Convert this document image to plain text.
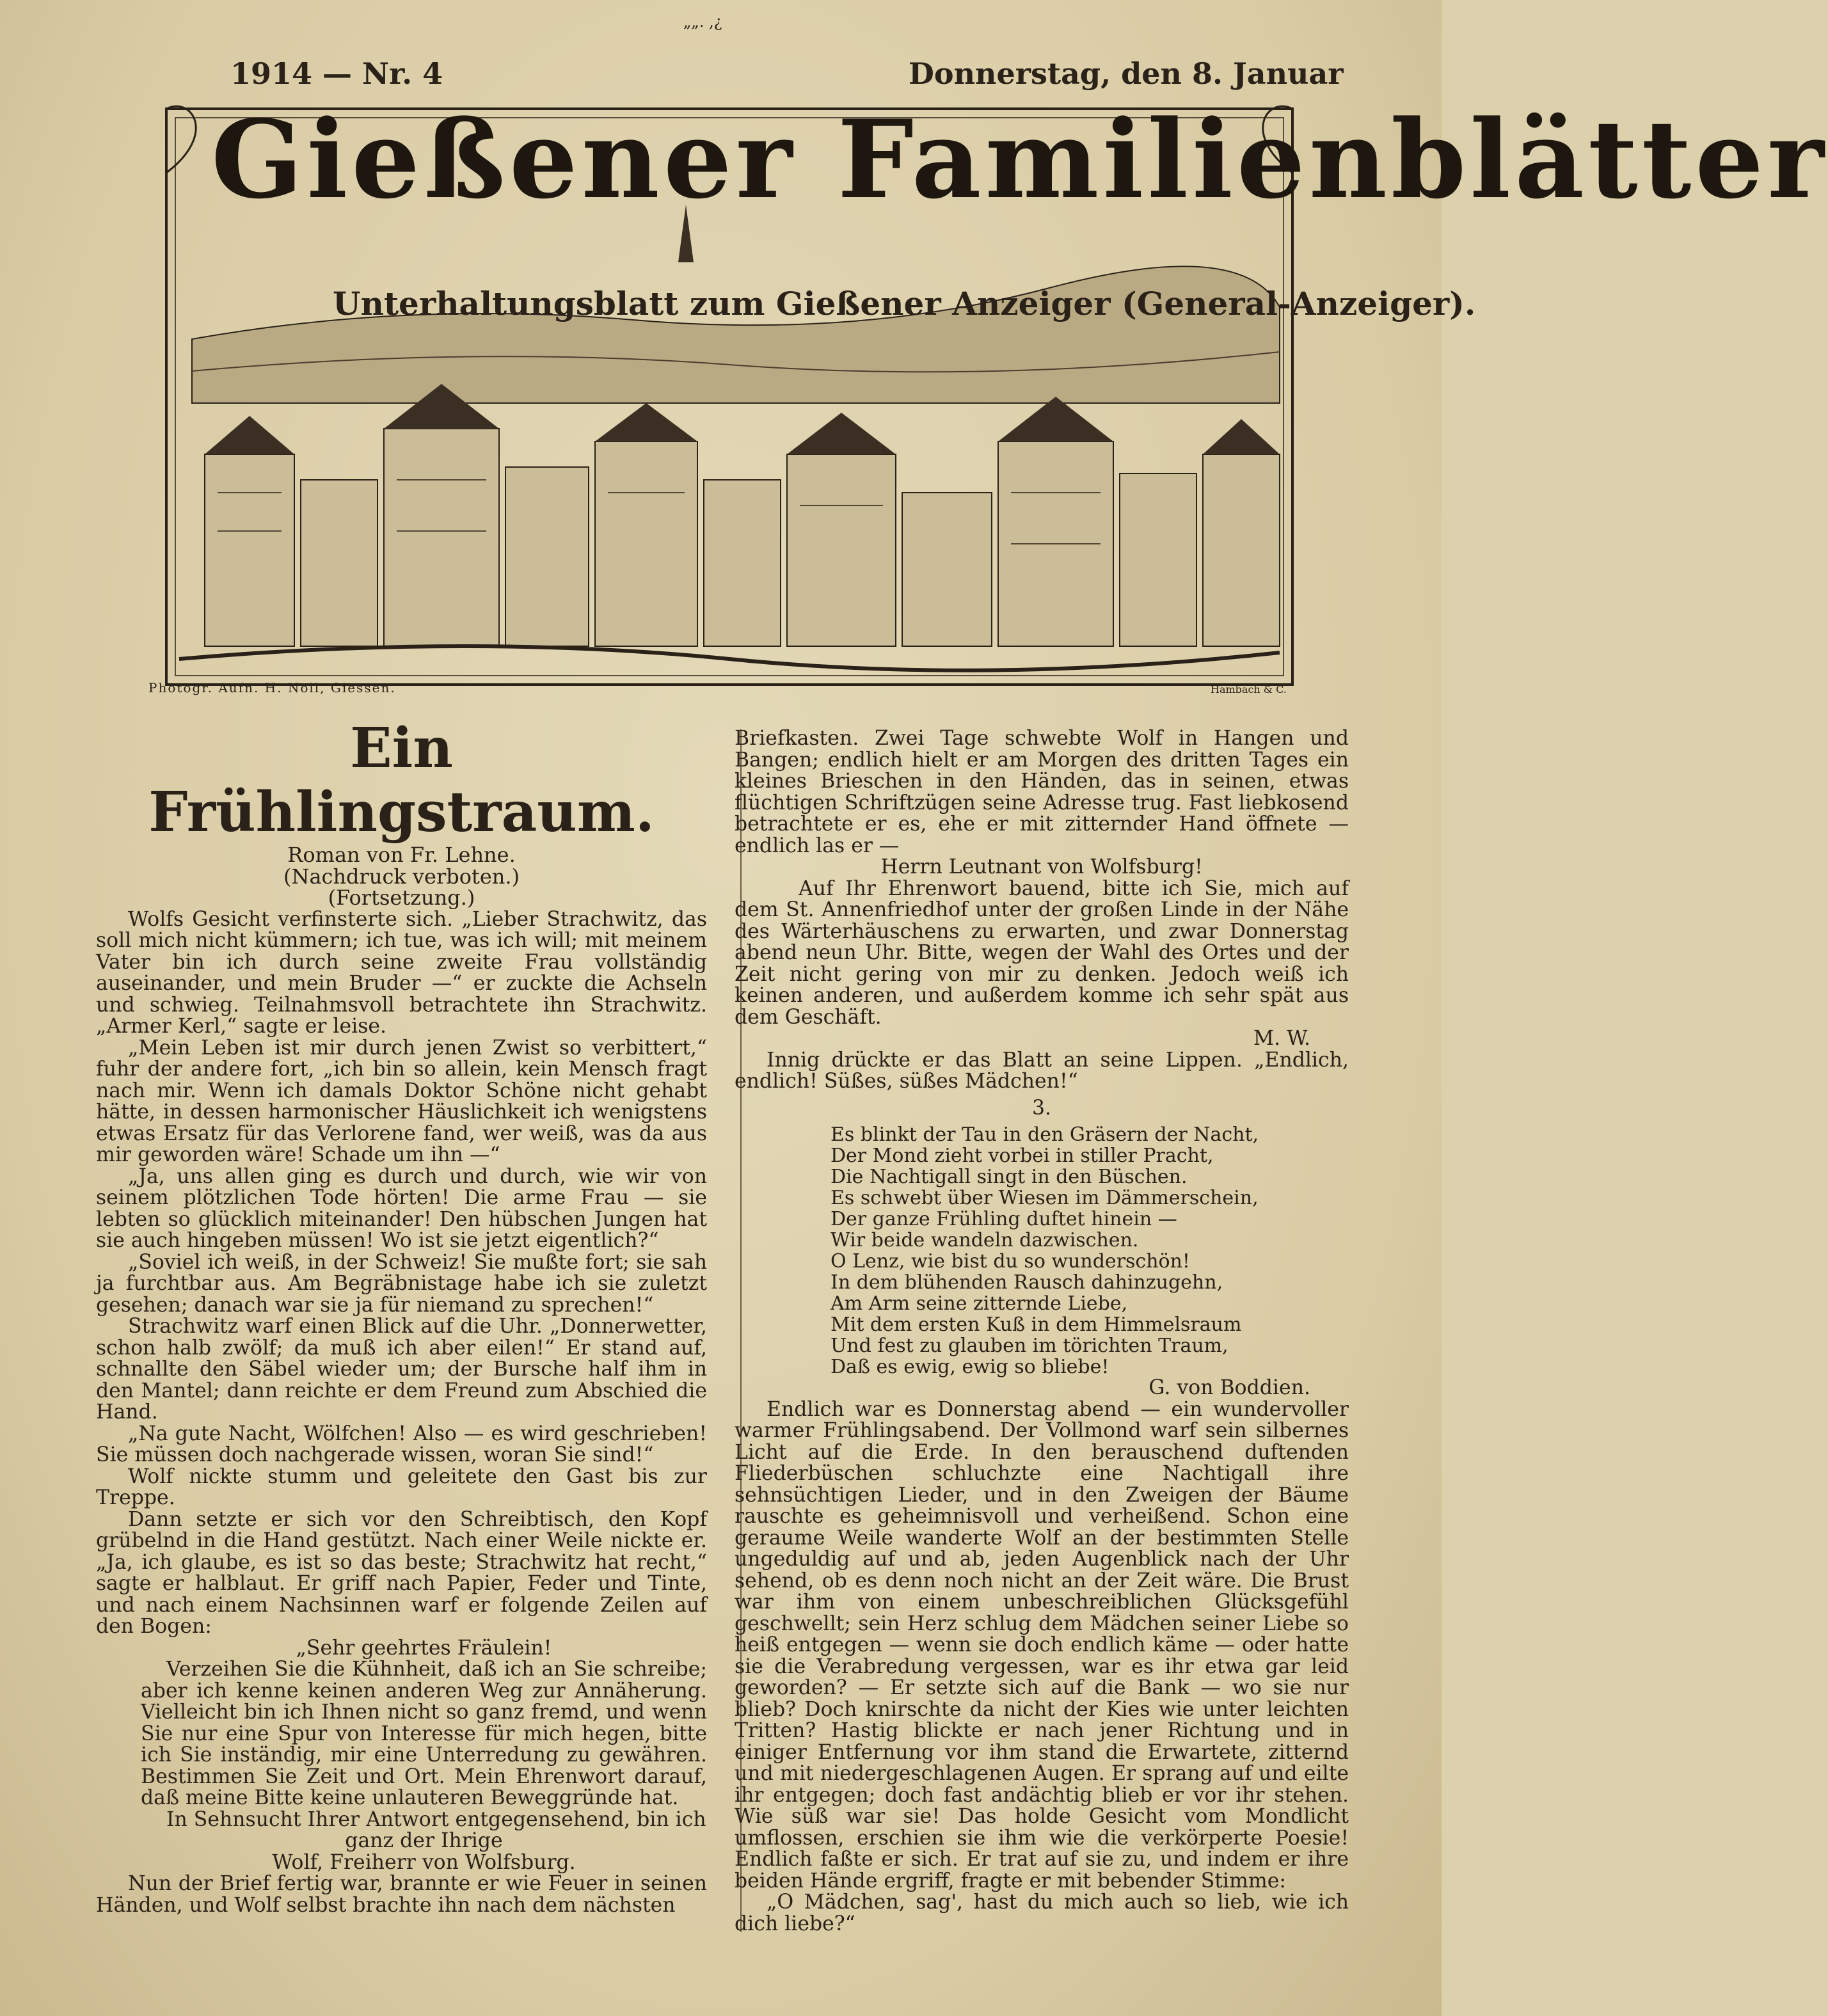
1914 — Nr. 4
„„. ,¿
Donnerstag, den 8. Januar
Gießener Familienblätter
Unterhaltungsblatt zum Gießener Anzeiger (General-Anzeiger).
Photogr. Aufn. H. Noll, Giessen.	Hambach & C.
Ein Frühlingstraum.
Roman von Fr. Lehne.
(Nachdruck verboten.)
(Fortsetzung.)

Wolfs Gesicht verfinsterte sich. „Lieber Strachwitz, das soll mich nicht kümmern; ich tue, was ich will; mit meinem Vater bin ich durch seine zweite Frau vollständig auseinander, und mein Bruder —“ er zuckte die Achseln und schwieg. Teilnahmsvoll betrachtete ihn Strachwitz. „Armer Kerl,“ sagte er leise.

„Mein Leben ist mir durch jenen Zwist so verbittert,“ fuhr der andere fort, „ich bin so allein, kein Mensch fragt nach mir. Wenn ich damals Doktor Schöne nicht gehabt hätte, in dessen harmonischer Häuslichkeit ich wenigstens etwas Ersatz für das Verlorene fand, wer weiß, was da aus mir geworden wäre! Schade um ihn —“

„Ja, uns allen ging es durch und durch, wie wir von seinem plötzlichen Tode hörten! Die arme Frau — sie lebten so glücklich miteinander! Den hübschen Jungen hat sie auch hingeben müssen! Wo ist sie jetzt eigentlich?“

„Soviel ich weiß, in der Schweiz! Sie mußte fort; sie sah ja furchtbar aus. Am Begräbnistage habe ich sie zuletzt gesehen; danach war sie ja für niemand zu sprechen!“

Strachwitz warf einen Blick auf die Uhr. „Donnerwetter, schon halb zwölf; da muß ich aber eilen!“ Er stand auf, schnallte den Säbel wieder um; der Bursche half ihm in den Mantel; dann reichte er dem Freund zum Abschied die Hand.

„Na gute Nacht, Wölfchen! Also — es wird geschrieben! Sie müssen doch nachgerade wissen, woran Sie sind!“

Wolf nickte stumm und geleitete den Gast bis zur Treppe.

Dann setzte er sich vor den Schreibtisch, den Kopf grübelnd in die Hand gestützt. Nach einer Weile nickte er. „Ja, ich glaube, es ist so das beste; Strachwitz hat recht,“ sagte er halblaut. Er griff nach Papier, Feder und Tinte, und nach einem Nachsinnen warf er folgende Zeilen auf den Bogen:

„Sehr geehrtes Fräulein!

Verzeihen Sie die Kühnheit, daß ich an Sie schreibe; aber ich kenne keinen anderen Weg zur Annäherung. Vielleicht bin ich Ihnen nicht so ganz fremd, und wenn Sie nur eine Spur von Interesse für mich hegen, bitte ich Sie inständig, mir eine Unterredung zu gewähren. Bestimmen Sie Zeit und Ort. Mein Ehrenwort darauf, daß meine Bitte keine unlauteren Beweggründe hat.

In Sehnsucht Ihrer Antwort entgegensehend, bin ich

ganz der Ihrige

Wolf, Freiherr von Wolfsburg.

Nun der Brief fertig war, brannte er wie Feuer in seinen Händen, und Wolf selbst brachte ihn nach dem nächsten

Briefkasten. Zwei Tage schwebte Wolf in Hangen und Bangen; endlich hielt er am Morgen des dritten Tages ein kleines Brieschen in den Händen, das in seinen, etwas flüchtigen Schriftzügen seine Adresse trug. Fast liebkosend betrachtete er es, ehe er mit zitternder Hand öffnete — endlich las er —

Herrn Leutnant von Wolfsburg!

Auf Ihr Ehrenwort bauend, bitte ich Sie, mich auf dem St. Annenfriedhof unter der großen Linde in der Nähe des Wärterhäuschens zu erwarten, und zwar Donnerstag abend neun Uhr. Bitte, wegen der Wahl des Ortes und der Zeit nicht gering von mir zu denken. Jedoch weiß ich keinen anderen, und außerdem komme ich sehr spät aus dem Geschäft.

M. W.

Innig drückte er das Blatt an seine Lippen. „Endlich, endlich! Süßes, süßes Mädchen!“

3.
Es blinkt der Tau in den Gräsern der Nacht,
Der Mond zieht vorbei in stiller Pracht,
Die Nachtigall singt in den Büschen.
Es schwebt über Wiesen im Dämmerschein,
Der ganze Frühling duftet hinein —
Wir beide wandeln dazwischen.
O Lenz, wie bist du so wunderschön!
In dem blühenden Rausch dahinzugehn,
Am Arm seine zitternde Liebe,
Mit dem ersten Kuß in dem Himmelsraum
Und fest zu glauben im törichten Traum,
Daß es ewig, ewig so bliebe!
G. von Boddien.

Endlich war es Donnerstag abend — ein wundervoller warmer Frühlingsabend. Der Vollmond warf sein silbernes Licht auf die Erde. In den berauschend duftenden Fliederbüschen schluchzte eine Nachtigall ihre sehnsüchtigen Lieder, und in den Zweigen der Bäume rauschte es geheimnisvoll und verheißend. Schon eine geraume Weile wanderte Wolf an der bestimmten Stelle ungeduldig auf und ab, jeden Augenblick nach der Uhr sehend, ob es denn noch nicht an der Zeit wäre. Die Brust war ihm von einem unbeschreiblichen Glücksgefühl geschwellt; sein Herz schlug dem Mädchen seiner Liebe so heiß entgegen — wenn sie doch endlich käme — oder hatte sie die Verabredung vergessen, war es ihr etwa gar leid geworden? — Er setzte sich auf die Bank — wo sie nur blieb? Doch knirschte da nicht der Kies wie unter leichten Tritten? Hastig blickte er nach jener Richtung und in einiger Entfernung vor ihm stand die Erwartete, zitternd und mit niedergeschlagenen Augen. Er sprang auf und eilte ihr entgegen; doch fast andächtig blieb er vor ihr stehen. Wie süß war sie! Das holde Gesicht vom Mondlicht umflossen, erschien sie ihm wie die verkörperte Poesie! Endlich faßte er sich. Er trat auf sie zu, und indem er ihre beiden Hände ergriff, fragte er mit bebender Stimme:

„O Mädchen, sag', hast du mich auch so lieb, wie ich dich liebe?“
